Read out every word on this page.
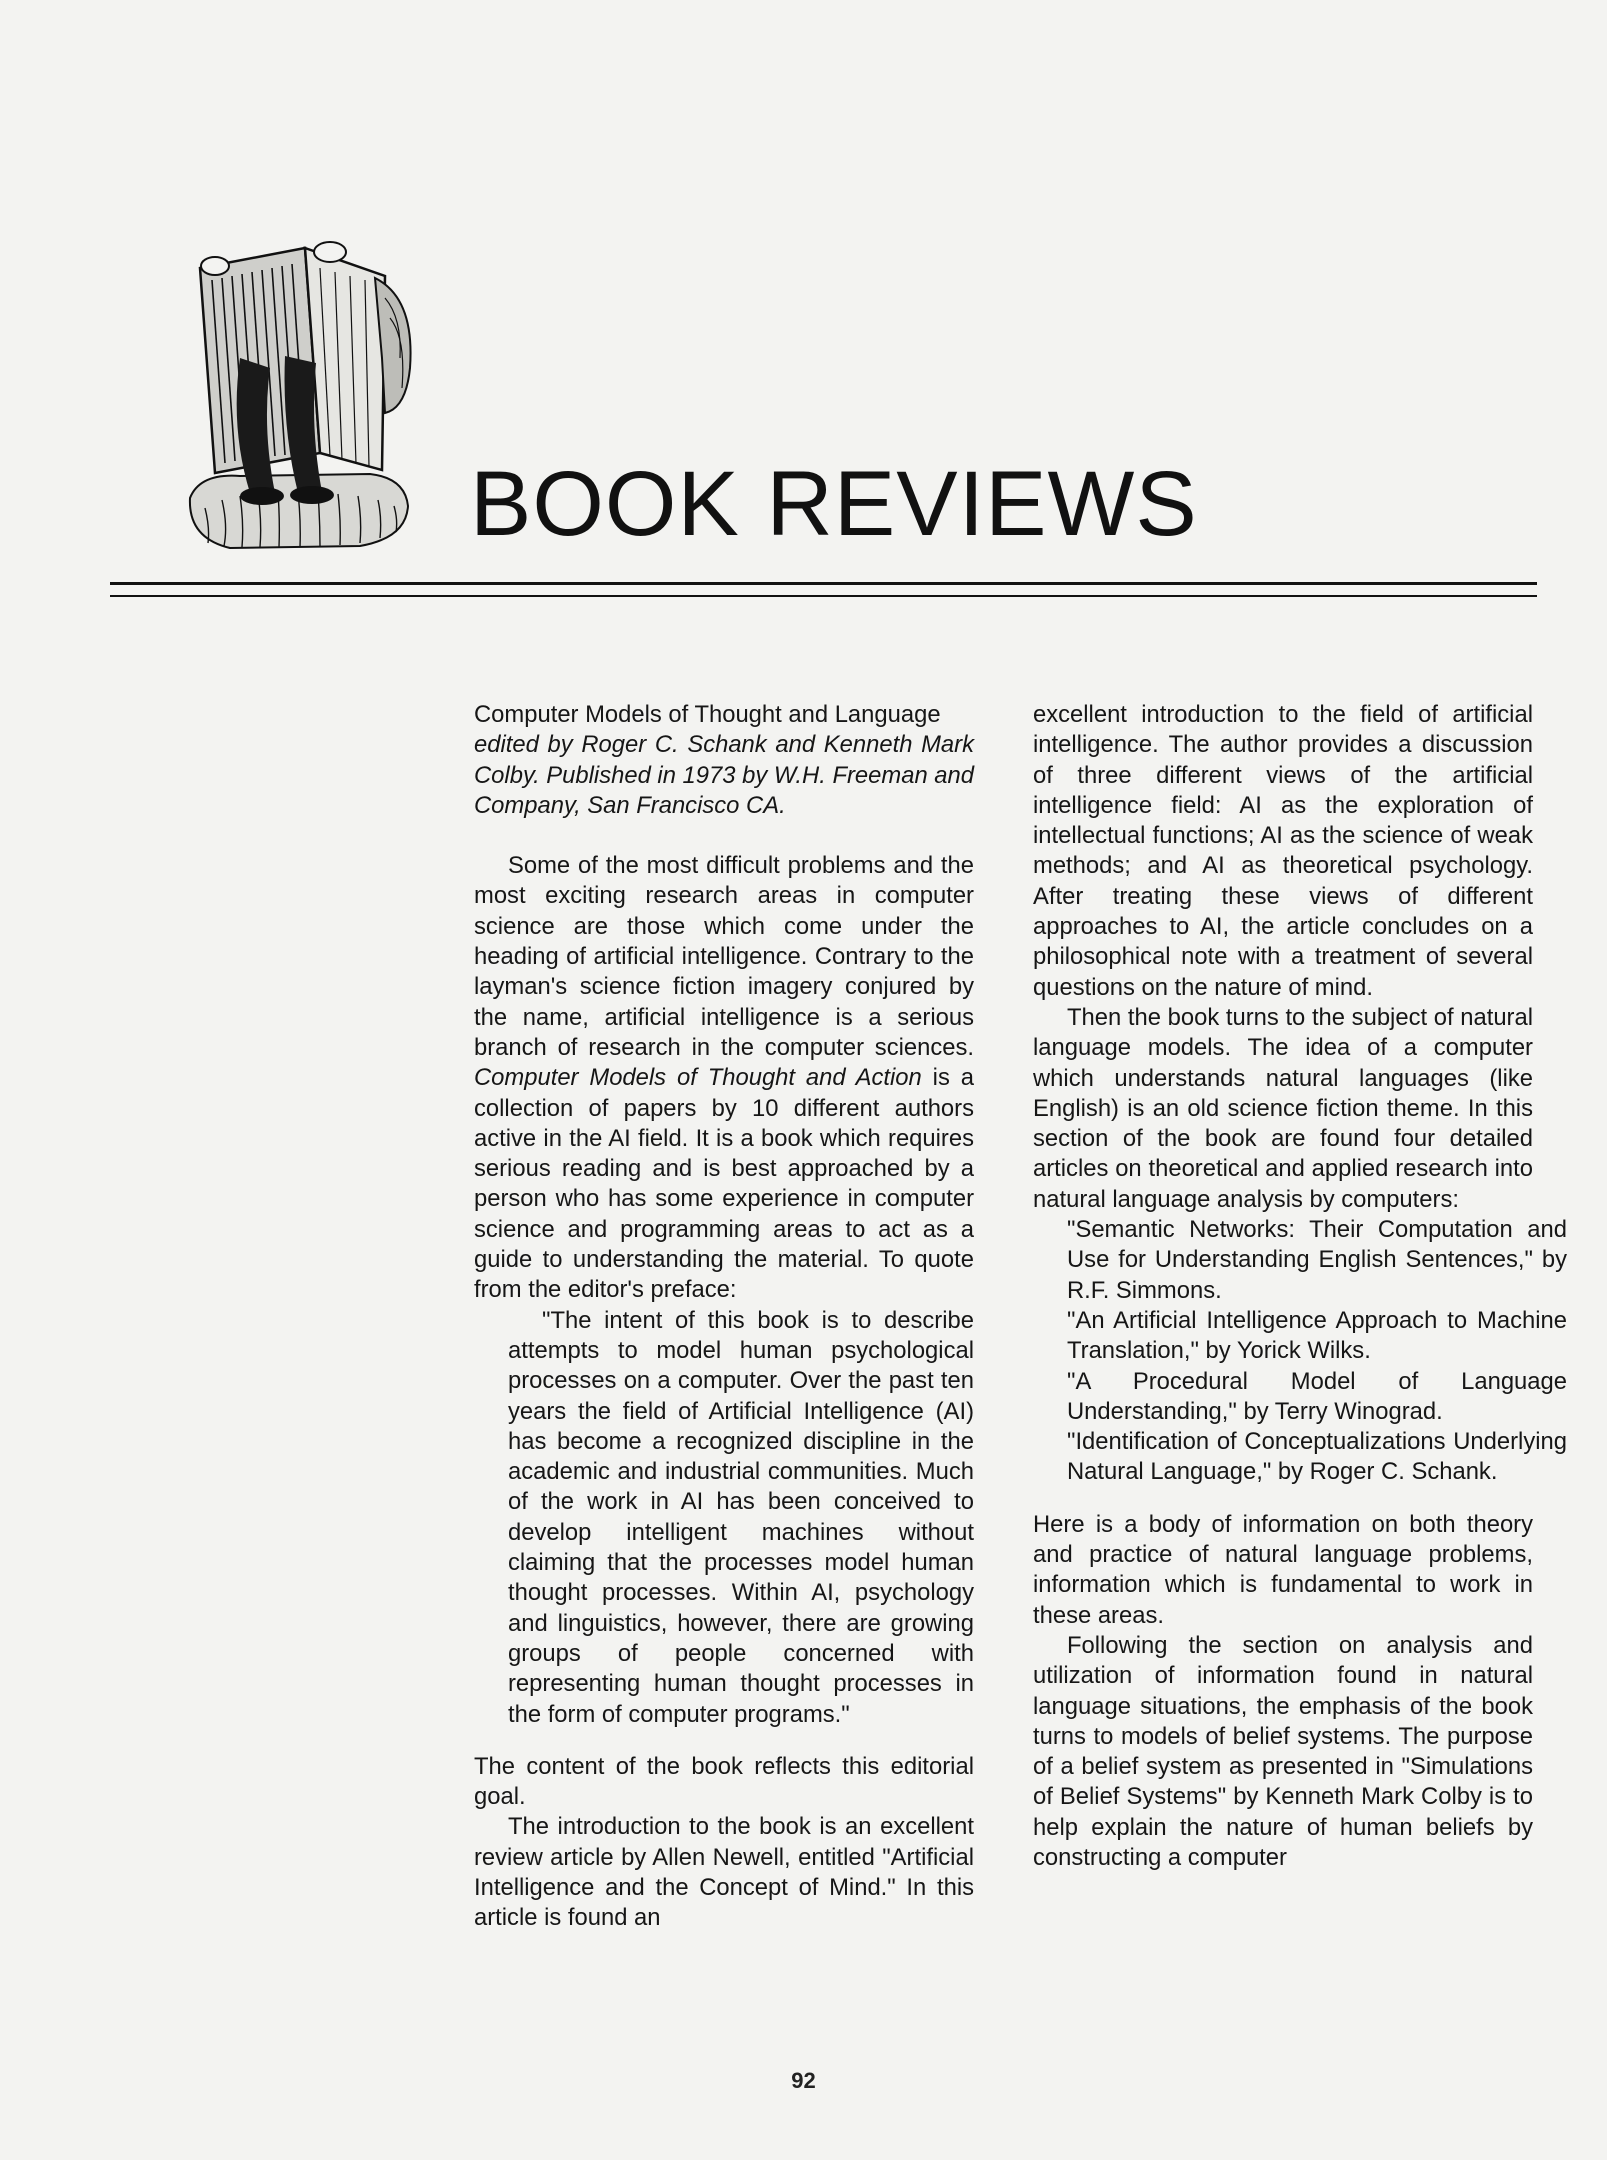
BOOK REVIEWS

Computer Models of Thought and Language

edited by Roger C. Schank and Kenneth Mark Colby. Published in 1973 by W.H. Freeman and Company, San Francisco CA.

Some of the most difficult problems and the most exciting research areas in computer science are those which come under the heading of artificial intelligence. Contrary to the layman's science fiction imagery conjured by the name, artificial intelligence is a serious branch of research in the computer sciences. Computer Models of Thought and Action is a collection of papers by 10 different authors active in the AI field. It is a book which requires serious reading and is best approached by a person who has some experience in computer science and programming areas to act as a guide to understanding the material. To quote from the editor's preface:

"The intent of this book is to describe attempts to model human psychological processes on a computer. Over the past ten years the field of Artificial Intelligence (AI) has become a recognized discipline in the academic and industrial communities. Much of the work in AI has been conceived to develop intelligent machines without claiming that the processes model human thought processes. Within AI, psychology and linguistics, however, there are growing groups of people concerned with representing human thought processes in the form of computer programs."

The content of the book reflects this editorial goal.

The introduction to the book is an excellent review article by Allen Newell, entitled "Artificial Intelligence and the Concept of Mind." In this article is found an

excellent introduction to the field of artificial intelligence. The author provides a discussion of three different views of the artificial intelligence field: AI as the exploration of intellectual functions; AI as the science of weak methods; and AI as theoretical psychology. After treating these views of different approaches to AI, the article concludes on a philosophical note with a treatment of several questions on the nature of mind.

Then the book turns to the subject of natural language models. The idea of a computer which understands natural languages (like English) is an old science fiction theme. In this section of the book are found four detailed articles on theoretical and applied research into natural language analysis by computers:

"Semantic Networks: Their Computation and Use for Understanding English Sentences," by R.F. Simmons.

"An Artificial Intelligence Approach to Machine Translation," by Yorick Wilks.

"A Procedural Model of Language Understanding," by Terry Winograd.

"Identification of Conceptualizations Underlying Natural Language," by Roger C. Schank.

Here is a body of information on both theory and practice of natural language problems, information which is fundamental to work in these areas.

Following the section on analysis and utilization of information found in natural language situations, the emphasis of the book turns to models of belief systems. The purpose of a belief system as presented in "Simulations of Belief Systems" by Kenneth Mark Colby is to help explain the nature of human beliefs by constructing a computer

92
